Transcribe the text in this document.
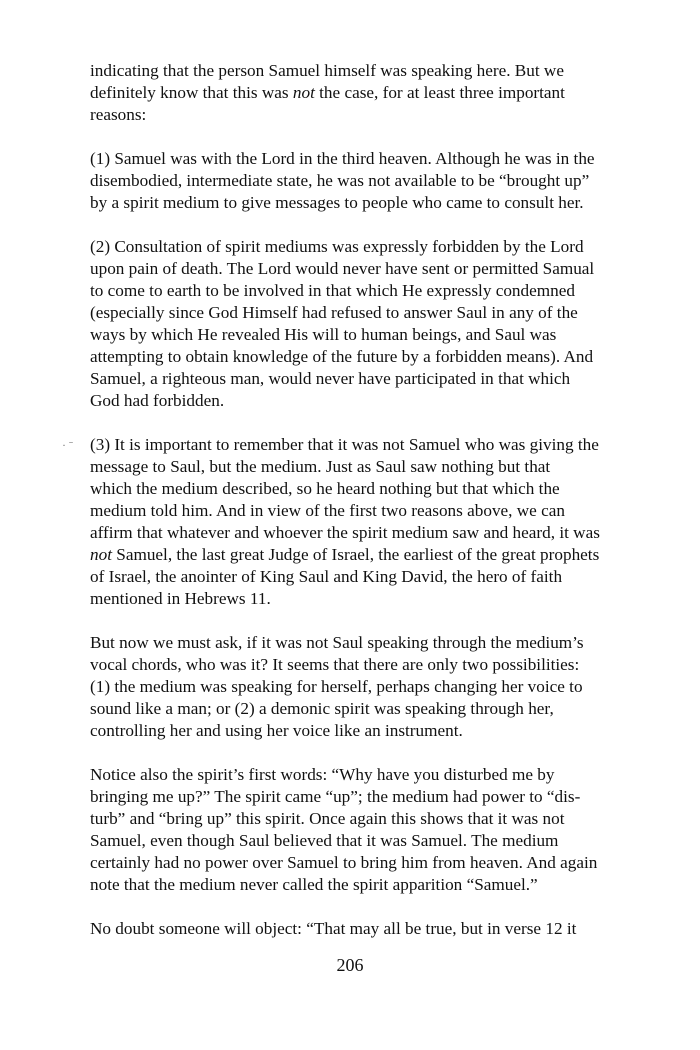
· ˉ

indicating that the person Samuel himself was speaking here. But we
definitely know that this was not the case, for at least three important
reasons:

(1) Samuel was with the Lord in the third heaven. Although he was in the
disembodied, intermediate state, he was not available to be “brought up”
by a spirit medium to give messages to people who came to consult her.

(2) Consultation of spirit mediums was expressly forbidden by the Lord
upon pain of death. The Lord would never have sent or permitted Samual
to come to earth to be involved in that which He expressly condemned
(especially since God Himself had refused to answer Saul in any of the
ways by which He revealed His will to human beings, and Saul was
attempting to obtain knowledge of the future by a forbidden means). And
Samuel, a righteous man, would never have participated in that which
God had forbidden.

(3) It is important to remember that it was not Samuel who was giving the
message to Saul, but the medium. Just as Saul saw nothing but that
which the medium described, so he heard nothing but that which the
medium told him. And in view of the first two reasons above, we can
affirm that whatever and whoever the spirit medium saw and heard, it was
not Samuel, the last great Judge of Israel, the earliest of the great prophets
of Israel, the anointer of King Saul and King David, the hero of faith
mentioned in Hebrews 11.

But now we must ask, if it was not Saul speaking through the medium’s
vocal chords, who was it? It seems that there are only two possibilities:
(1) the medium was speaking for herself, perhaps changing her voice to
sound like a man; or (2) a demonic spirit was speaking through her,
controlling her and using her voice like an instrument.

Notice also the spirit’s first words: “Why have you disturbed me by
bringing me up?” The spirit came “up”; the medium had power to “dis-
turb” and “bring up” this spirit. Once again this shows that it was not
Samuel, even though Saul believed that it was Samuel. The medium
certainly had no power over Samuel to bring him from heaven. And again
note that the medium never called the spirit apparition “Samuel.”

No doubt someone will object: “That may all be true, but in verse 12 it

206
